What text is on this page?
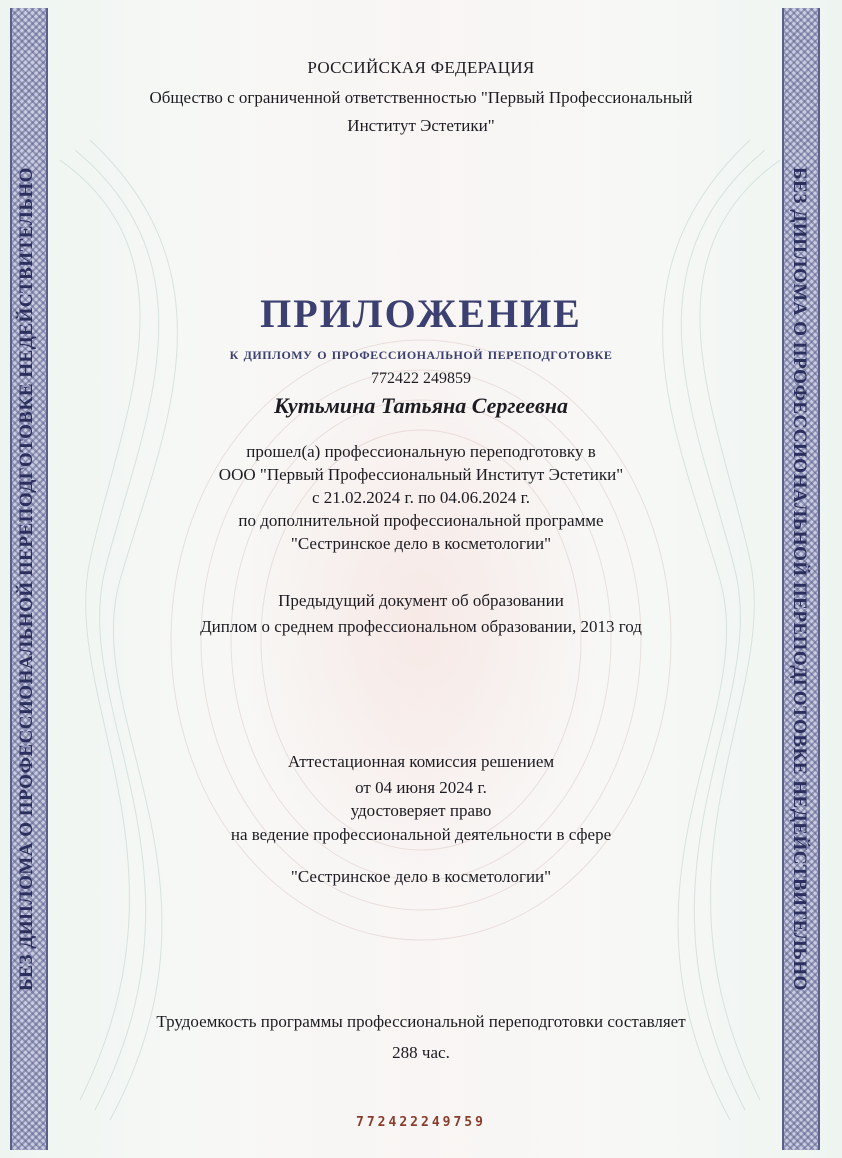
БЕЗ ДИПЛОМА О ПРОФЕССИОНАЛЬНОЙ ПЕРЕПОДГОТОВКЕ НЕДЕЙСТВИТЕЛЬНО	БЕЗ ДИПЛОМА О ПРОФЕССИОНАЛЬНОЙ ПЕРЕПОДГОТОВКЕ НЕДЕЙСТВИТЕЛЬНО
РОССИЙСКАЯ ФЕДЕРАЦИЯ
Общество с ограниченной ответственностью "Первый Профессиональный
Институт Эстетики"
ПРИЛОЖЕНИЕ
к диплому о профессиональной переподготовке
772422 249859
Кутьмина Татьяна Сергеевна
прошел(а) профессиональную переподготовку в
ООО "Первый Профессиональный Институт Эстетики"
с 21.02.2024 г. по 04.06.2024 г.
по дополнительной профессиональной программе
"Сестринское дело в косметологии"
Предыдущий документ об образовании
Диплом о среднем профессиональном образовании, 2013 год
Аттестационная комиссия решением
от 04 июня 2024 г.
удостоверяет право
на ведение профессиональной деятельности в сфере
"Сестринское дело в косметологии"
Трудоемкость программы профессиональной переподготовки составляет
288 час.
772422249759
